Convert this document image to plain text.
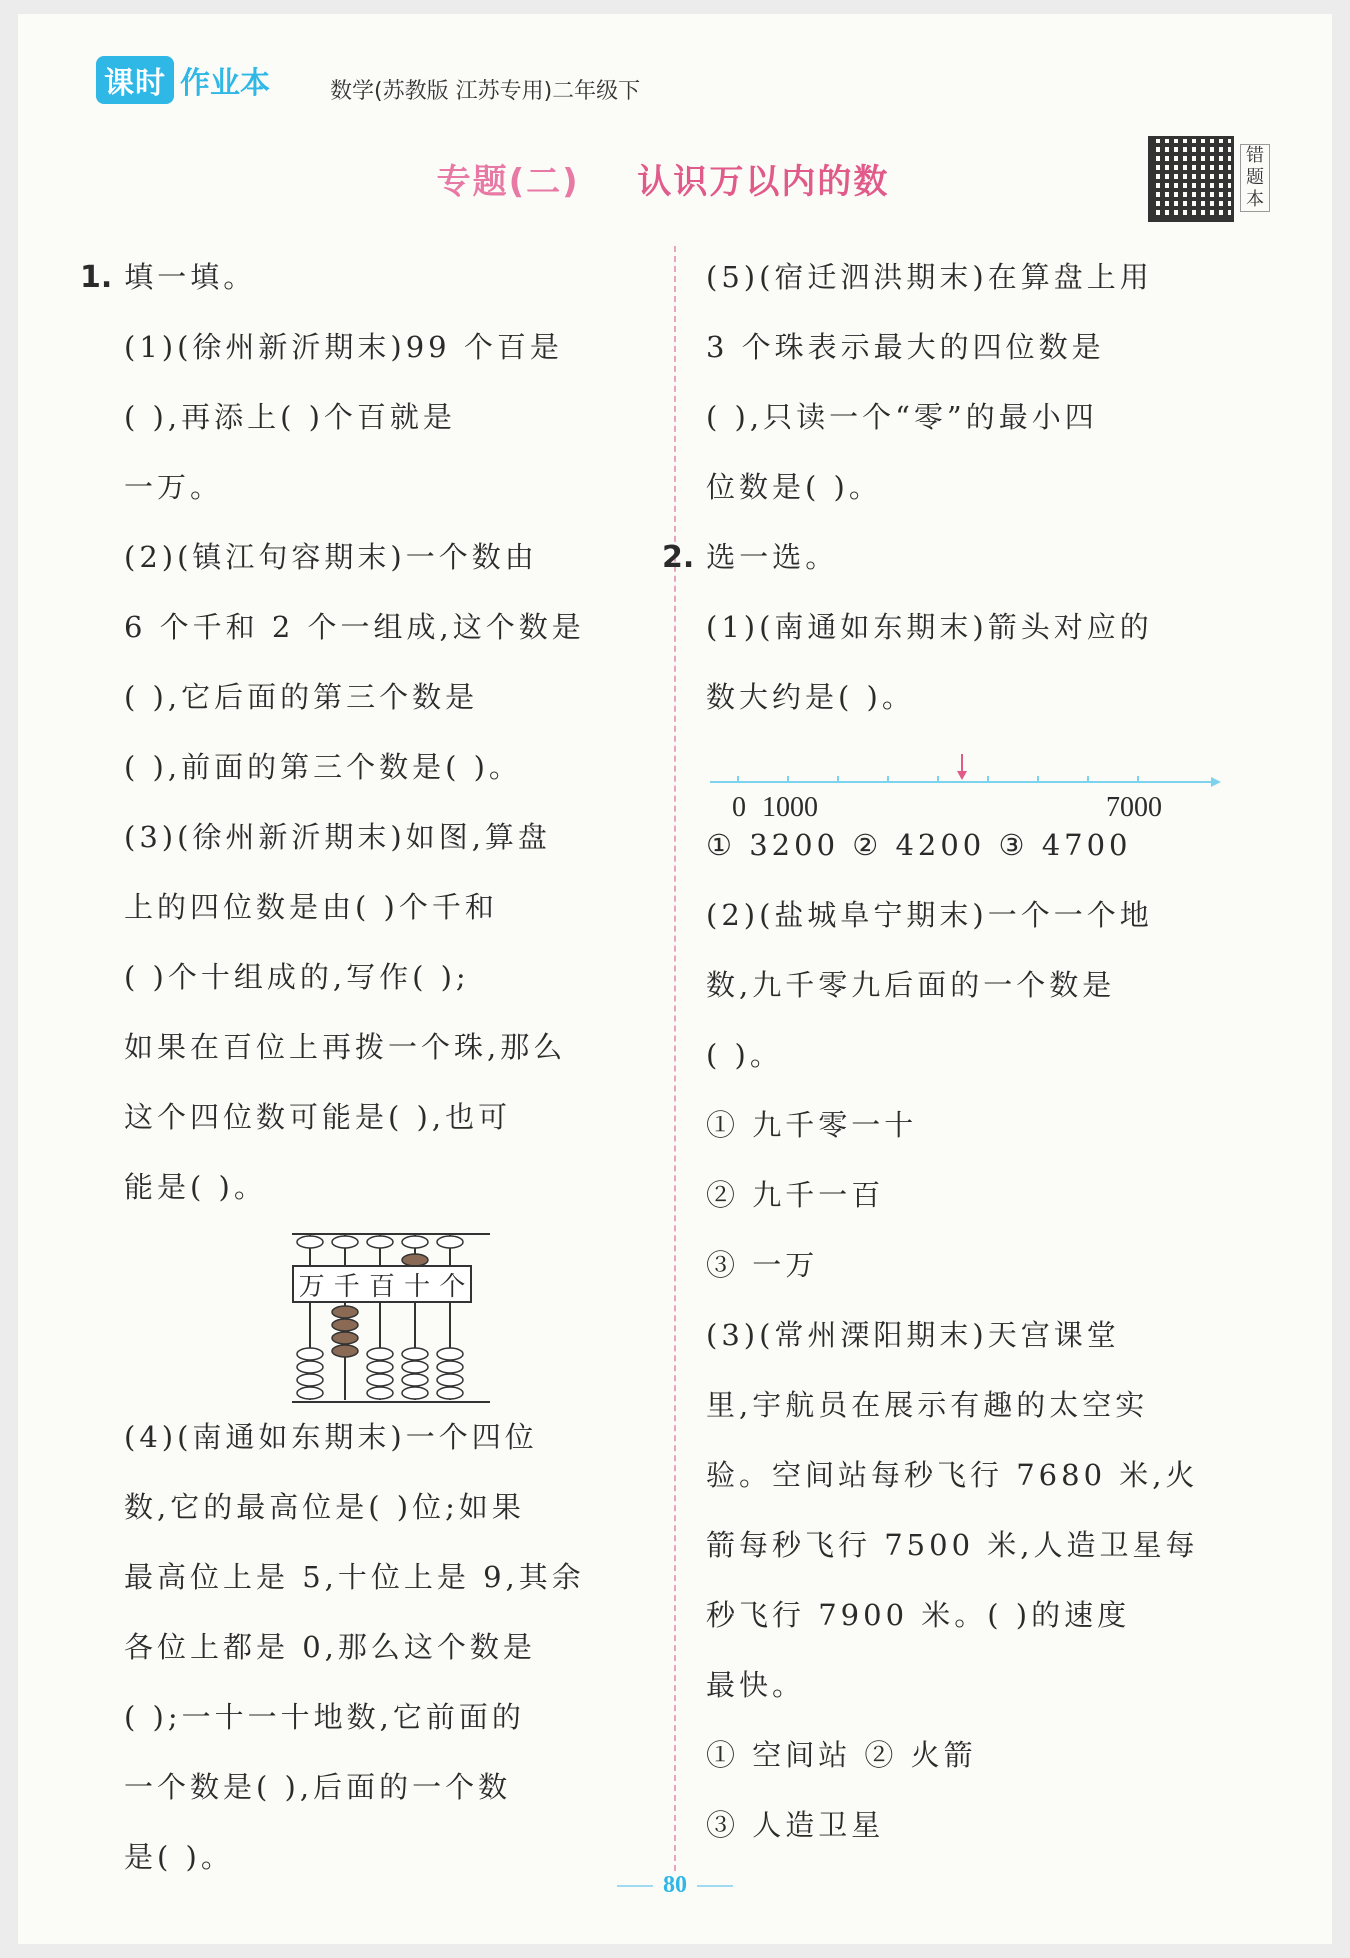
课时 作业本	数学(苏教版 江苏专用)二年级下
专题(二) 认识万以内的数
错题本
1. 填一填。
(1)(徐州新沂期末)99 个百是
( ),再添上( )个百就是
一万。
(2)(镇江句容期末)一个数由
6 个千和 2 个一组成,这个数是
( ),它后面的第三个数是
( ),前面的第三个数是( )。
(3)(徐州新沂期末)如图,算盘
上的四位数是由( )个千和
( )个十组成的,写作( );
如果在百位上再拨一个珠,那么
这个四位数可能是( ),也可
能是( )。
万 千 百 十 个
(4)(南通如东期末)一个四位
数,它的最高位是( )位;如果
最高位上是 5,十位上是 9,其余
各位上都是 0,那么这个数是
( );一十一十地数,它前面的
一个数是( ),后面的一个数
是( )。
(5)(宿迁泗洪期末)在算盘上用
3 个珠表示最大的四位数是
( ),只读一个“零”的最小四
位数是( )。
2. 选一选。
(1)(南通如东期末)箭头对应的
数大约是( )。
0 1000	7000
① 3200 ② 4200 ③ 4700
(2)(盐城阜宁期末)一个一个地
数,九千零九后面的一个数是
( )。
① 九千零一十
② 九千一百
③ 一万
(3)(常州溧阳期末)天宫课堂
里,宇航员在展示有趣的太空实
验。空间站每秒飞行 7680 米,火
箭每秒飞行 7500 米,人造卫星每
秒飞行 7900 米。( )的速度
最快。
① 空间站 ② 火箭
③ 人造卫星
80
